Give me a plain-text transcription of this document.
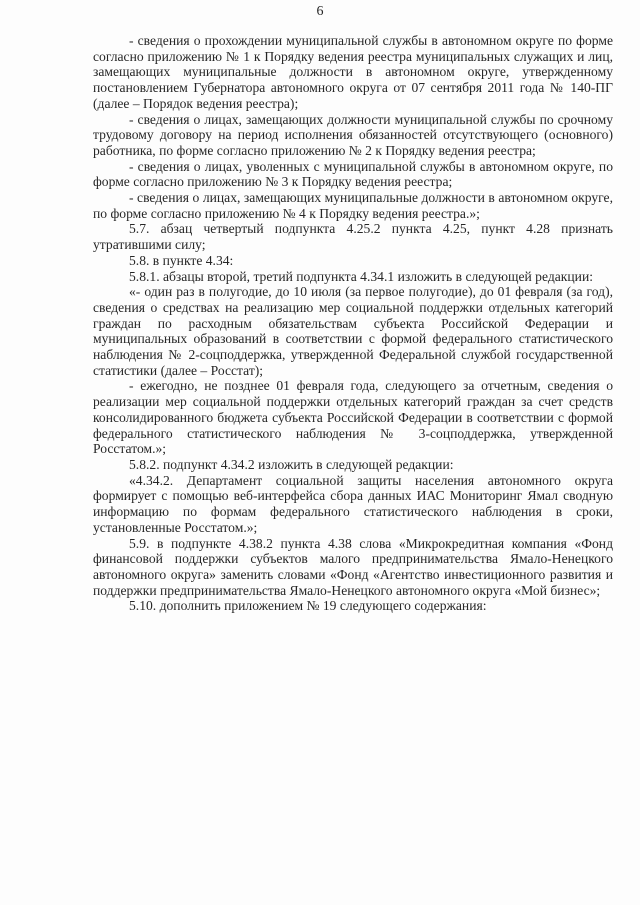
6

- сведения о прохождении муниципальной службы в автономном округе по форме согласно приложению № 1 к Порядку ведения реестра муниципальных служащих и лиц, замещающих муниципальные должности в автономном округе, утвержденному постановлением Губернатора автономного округа от 07 сентября 2011 года № 140-ПГ (далее – Порядок ведения реестра);

- сведения о лицах, замещающих должности муниципальной службы по срочному трудовому договору на период исполнения обязанностей отсутствующего (основного) работника, по форме согласно приложению № 2 к Порядку ведения реестра;

- сведения о лицах, уволенных с муниципальной службы в автономном округе, по форме согласно приложению № 3 к Порядку ведения реестра;

- сведения о лицах, замещающих муниципальные должности в автономном округе, по форме согласно приложению № 4 к Порядку ведения реестра.»;

5.7. абзац четвертый подпункта 4.25.2 пункта 4.25, пункт 4.28 признать утратившими силу;

5.8. в пункте 4.34:

5.8.1. абзацы второй, третий подпункта 4.34.1 изложить в следующей редакции:

«- один раз в полугодие, до 10 июля (за первое полугодие), до 01 февраля (за год), сведения о средствах на реализацию мер социальной поддержки отдельных категорий граждан по расходным обязательствам субъекта Российской Федерации и муниципальных образований в соответствии с формой федерального статистического наблюдения № 2-соцподдержка, утвержденной Федеральной службой государственной статистики (далее – Росстат);

- ежегодно, не позднее 01 февраля года, следующего за отчетным, сведения о реализации мер социальной поддержки отдельных категорий граждан за счет средств консолидированного бюджета субъекта Российской Федерации в соответствии с формой федерального статистического наблюдения № 3-соцподдержка, утвержденной Росстатом.»;

5.8.2. подпункт 4.34.2 изложить в следующей редакции:

«4.34.2. Департамент социальной защиты населения автономного округа формирует с помощью веб-интерфейса сбора данных ИАС Мониторинг Ямал сводную информацию по формам федерального статистического наблюдения в сроки, установленные Росстатом.»;

5.9. в подпункте 4.38.2 пункта 4.38 слова «Микрокредитная компания «Фонд финансовой поддержки субъектов малого предпринимательства Ямало-Ненецкого автономного округа» заменить словами «Фонд «Агентство инвестиционного развития и поддержки предпринимательства Ямало-Ненецкого автономного округа «Мой бизнес»;

5.10. дополнить приложением № 19 следующего содержания:
